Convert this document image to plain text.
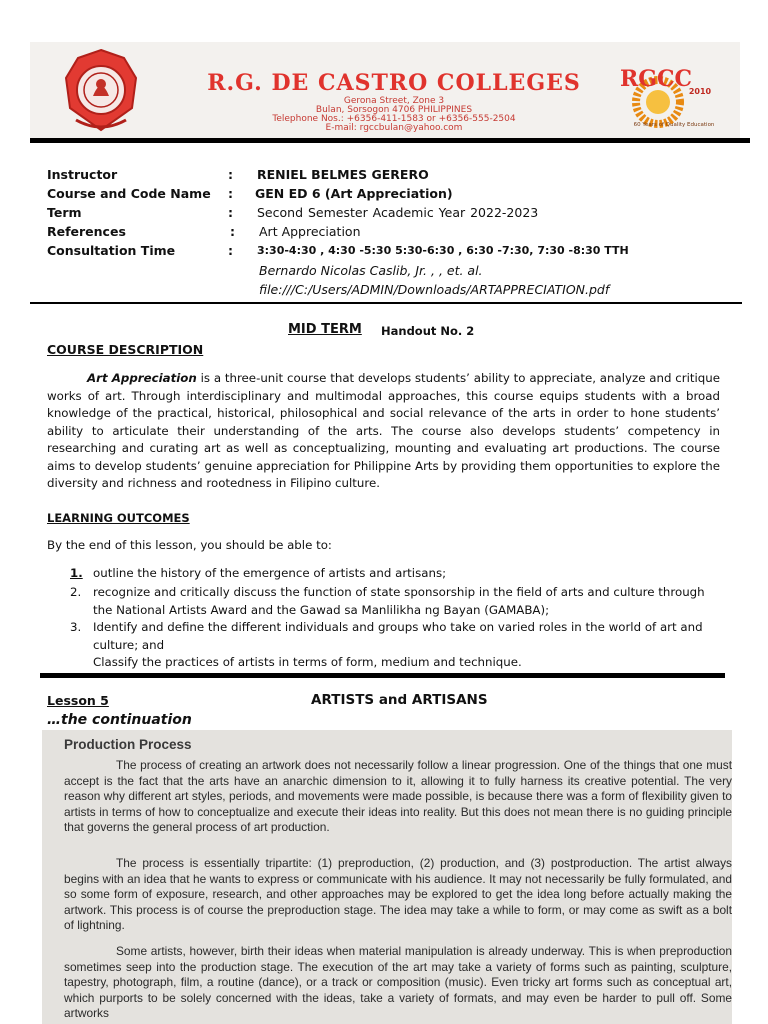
R.G. DE CASTRO COLLEGES
Gerona Street, Zone 3
Bulan, Sorsogon 4706 PHILIPPINES
Telephone Nos.: +6356-411-1583 or +6356-555-2504
E-mail: rgccbulan@yahoo.com
RGCC
2010
60 Years of Quality Education
Instructor	: RENIEL BELMES GERERO
Course and Code Name : GEN ED 6 (Art Appreciation)
Term	: Second Semester Academic Year 2022-2023
References	: Art Appreciation
Consultation Time	: 3:30-4:30 , 4:30 -5:30 5:30-6:30 , 6:30 -7:30, 7:30 -8:30 TTH
Bernardo Nicolas Caslib, Jr. , , et. al.
file:///C:/Users/ADMIN/Downloads/ARTAPPRECIATION.pdf
MID TERM Handout No. 2
COURSE DESCRIPTION

Art Appreciation is a three-unit course that develops students’ ability to appreciate, analyze and critique works of art. Through interdisciplinary and multimodal approaches, this course equips students with a broad knowledge of the practical, historical, philosophical and social relevance of the arts in order to hone students’ ability to articulate their understanding of the arts. The course also develops students’ competency in researching and curating art as well as conceptualizing, mounting and evaluating art productions. The course aims to develop students’ genuine appreciation for Philippine Arts by providing them opportunities to explore the diversity and richness and rootedness in Filipino culture.

LEARNING OUTCOMES
By the end of this lesson, you should be able to:
1. outline the history of the emergence of artists and artisans;
2. recognize and critically discuss the function of state sponsorship in the field of arts and culture through the National Artists Award and the Gawad sa Manlilikha ng Bayan (GAMABA);
3. Identify and define the different individuals and groups who take on varied roles in the world of art and culture; and
Classify the practices of artists in terms of form, medium and technique.
Lesson 5	ARTISTS and ARTISANS
…the continuation
Production Process

The process of creating an artwork does not necessarily follow a linear progression. One of the things that one must accept is the fact that the arts have an anarchic dimension to it, allowing it to fully harness its creative potential. The very reason why different art styles, periods, and movements were made possible, is because there was a form of flexibility given to artists in terms of how to conceptualize and execute their ideas into reality. But this does not mean there is no guiding principle that governs the general process of art production.

The process is essentially tripartite: (1) preproduction, (2) production, and (3) postproduction. The artist always begins with an idea that he wants to express or communicate with his audience. It may not necessarily be fully formulated, and so some form of exposure, research, and other approaches may be explored to get the idea long before actually making the artwork. This process is of course the preproduction stage. The idea may take a while to form, or may come as swift as a bolt of lightning.

Some artists, however, birth their ideas when material manipulation is already underway. This is when preproduction sometimes seep into the production stage. The execution of the art may take a variety of forms such as painting, sculpture, tapestry, photograph, film, a routine (dance), or a track or composition (music). Even tricky art forms such as conceptual art, which purports to be solely concerned with the ideas, take a variety of formats, and may even be harder to pull off. Some artworks
